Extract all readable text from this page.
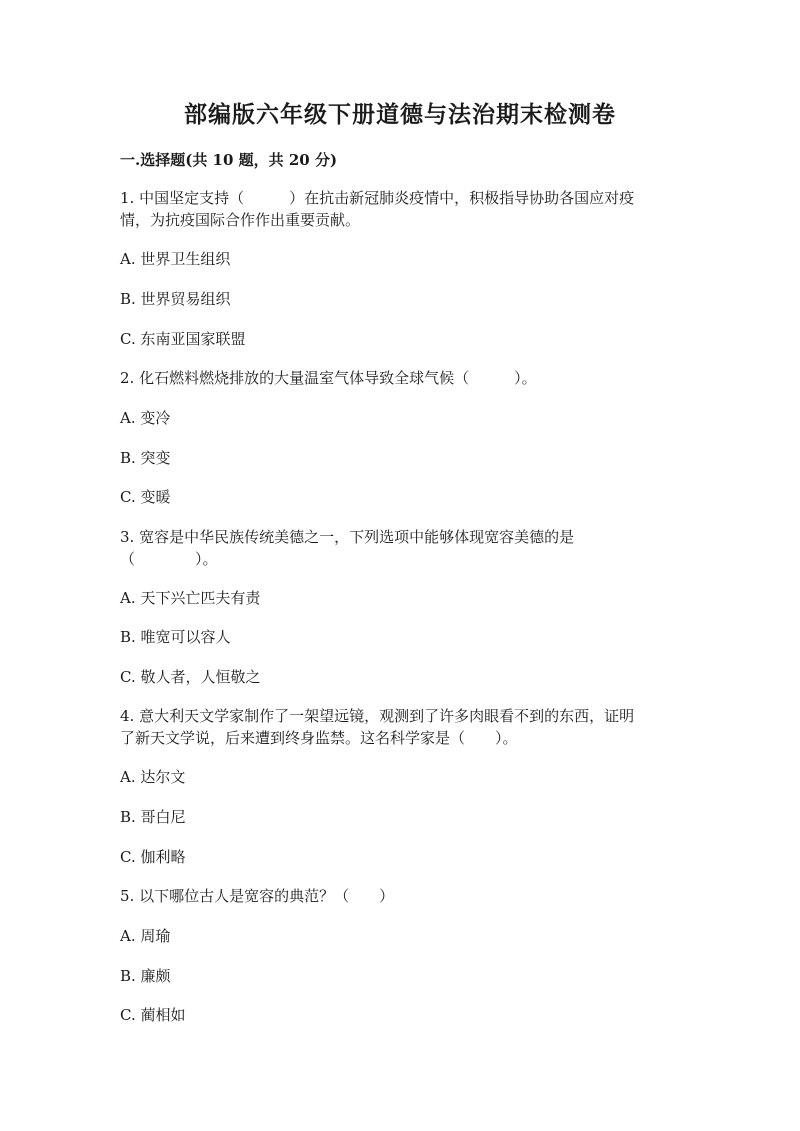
部编版六年级下册道德与法治期末检测卷
一.选择题(共 10 题，共 20 分)
1. 中国坚定支持（　　　）在抗击新冠肺炎疫情中，积极指导协助各国应对疫
情，为抗疫国际合作作出重要贡献。
A. 世界卫生组织
B. 世界贸易组织
C. 东南亚国家联盟
2. 化石燃料燃烧排放的大量温室气体导致全球气候（　　　）。
A. 变冷
B. 突变
C. 变暖
3. 宽容是中华民族传统美德之一，下列选项中能够体现宽容美德的是
（　　　　）。
A. 天下兴亡匹夫有责
B. 唯宽可以容人
C. 敬人者，人恒敬之
4. 意大利天文学家制作了一架望远镜，观测到了许多肉眼看不到的东西，证明
了新天文学说，后来遭到终身监禁。这名科学家是（　　）。
A. 达尔文
B. 哥白尼
C. 伽利略
5. 以下哪位古人是宽容的典范？（　　）
A. 周瑜
B. 廉颇
C. 蔺相如
